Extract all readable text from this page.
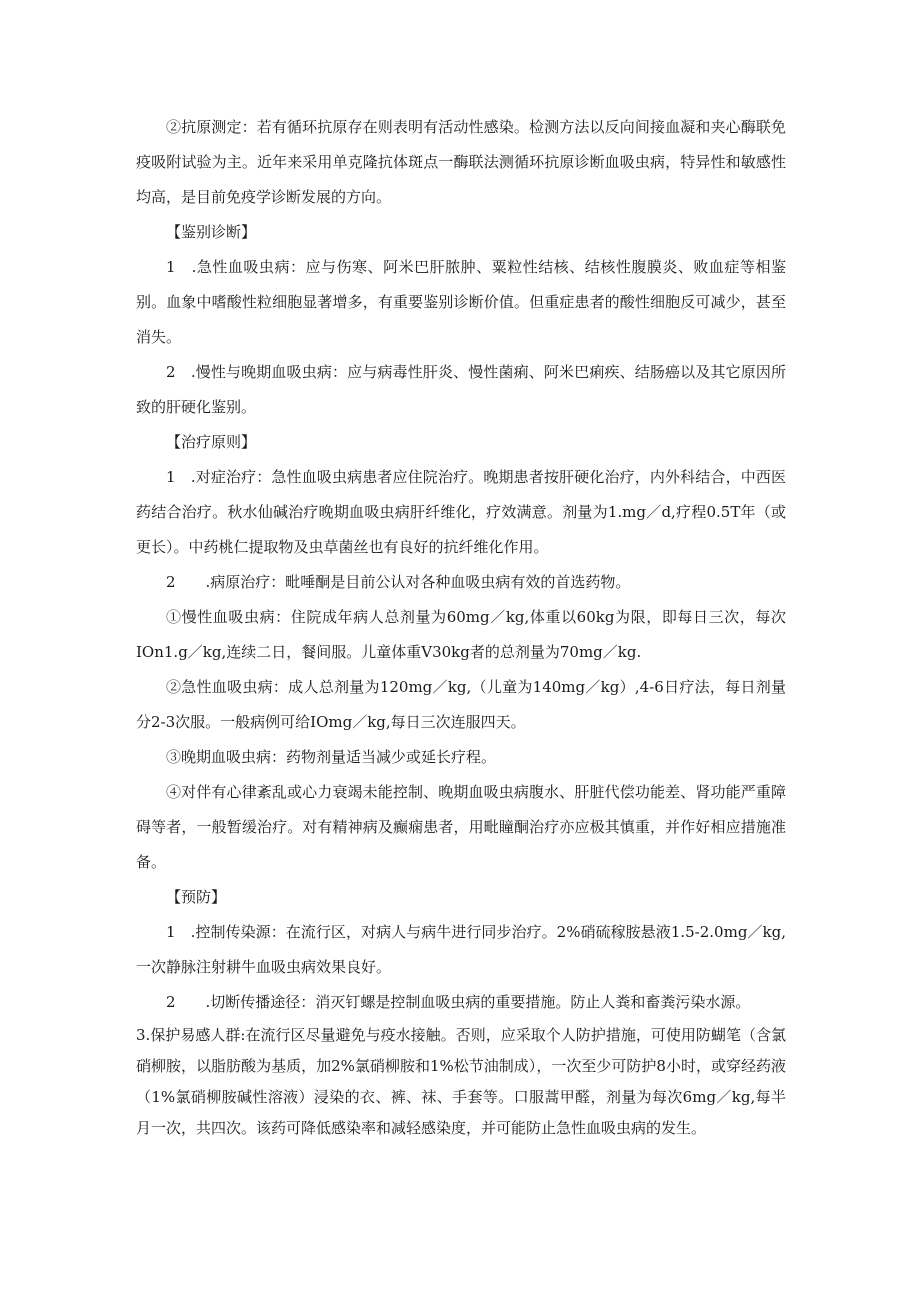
②抗原测定：若有循环抗原存在则表明有活动性感染。检测方法以反向间接血凝和夹心酶联免疫吸附试验为主。近年来采用单克隆抗体斑点一酶联法测循环抗原诊断血吸虫病，特异性和敏感性均高，是目前免疫学诊断发展的方向。

【鉴别诊断】

1　.急性血吸虫病：应与伤寒、阿米巴肝脓肿、粟粒性结核、结核性腹膜炎、败血症等相鉴别。血象中嗜酸性粒细胞显著增多，有重要鉴别诊断价值。但重症患者的酸性细胞反可减少，甚至消失。

2　.慢性与晚期血吸虫病：应与病毒性肝炎、慢性菌痢、阿米巴痢疾、结肠癌以及其它原因所致的肝硬化鉴别。

【治疗原则】

1　.对症治疗：急性血吸虫病患者应住院治疗。晚期患者按肝硬化治疗，内外科结合，中西医药结合治疗。秋水仙碱治疗晚期血吸虫病肝纤维化，疗效满意。剂量为1.mg／d,疗程0.5T年（或更长）。中药桃仁提取物及虫草菌丝也有良好的抗纤维化作用。

2　　.病原治疗：毗唾酮是目前公认对各种血吸虫病有效的首选药物。

①慢性血吸虫病：住院成年病人总剂量为60mg／kg,体重以60kg为限，即每日三次，每次IOn1.g／kg,连续二日，餐间服。儿童体重V30kg者的总剂量为70mg／kg.

②急性血吸虫病：成人总剂量为120mg／kg,（儿童为140mg／kg）,4-6日疗法，每日剂量分2-3次服。一般病例可给IOmg／kg,每日三次连服四天。

③晚期血吸虫病：药物剂量适当减少或延长疗程。

④对伴有心律紊乱或心力衰竭未能控制、晚期血吸虫病腹水、肝脏代偿功能差、肾功能严重障碍等者，一般暂缓治疗。对有精神病及癫痫患者，用毗瞳酮治疗亦应极其慎重，并作好相应措施准备。

【预防】

1　.控制传染源：在流行区，对病人与病牛进行同步治疗。2%硝硫稼胺悬液1.5-2.0mg／kg,一次静脉注射耕牛血吸虫病效果良好。

2　　.切断传播途径：消灭钉螺是控制血吸虫病的重要措施。防止人粪和畜粪污染水源。

3.保护易感人群:在流行区尽量避免与疫水接触。否则，应采取个人防护措施，可使用防蝴笔（含氯硝柳胺，以脂肪酸为基质，加2%氯硝柳胺和1%松节油制成），一次至少可防护8小时，或穿经药液（1%氯硝柳胺碱性溶液）浸染的衣、裤、袜、手套等。口服蒿甲醛，剂量为每次6mg／kg,每半月一次，共四次。该药可降低感染率和减轻感染度，并可能防止急性血吸虫病的发生。
